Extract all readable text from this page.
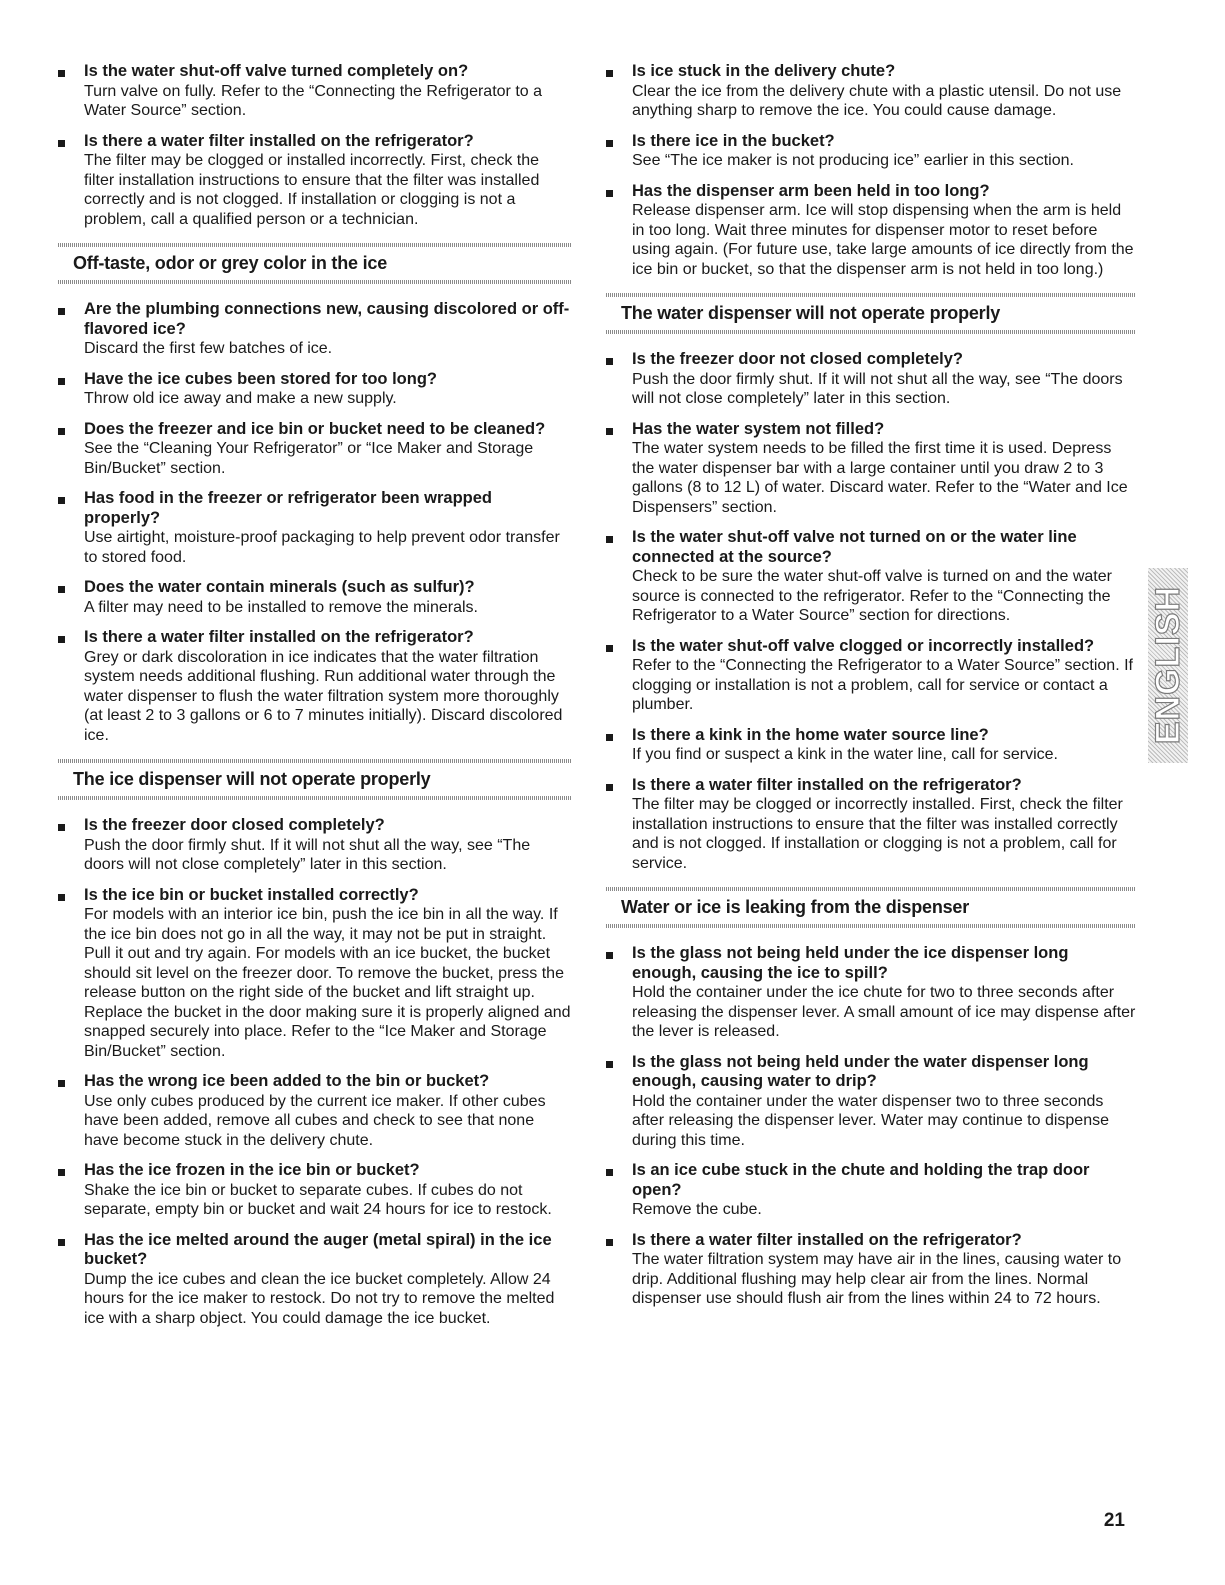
Is the water shut-off valve turned completely on?
Turn valve on fully. Refer to the “Connecting the Refrigerator to a Water Source” section.
Is there a water filter installed on the refrigerator?
The filter may be clogged or installed incorrectly. First, check the filter installation instructions to ensure that the filter was installed correctly and is not clogged. If installation or clogging is not a problem, call a qualified person or a technician.
Off-taste, odor or grey color in the ice
Are the plumbing connections new, causing discolored or off-flavored ice?
Discard the first few batches of ice.
Have the ice cubes been stored for too long?
Throw old ice away and make a new supply.
Does the freezer and ice bin or bucket need to be cleaned?
See the “Cleaning Your Refrigerator” or “Ice Maker and Storage Bin/Bucket” section.
Has food in the freezer or refrigerator been wrapped properly?
Use airtight, moisture-proof packaging to help prevent odor transfer to stored food.
Does the water contain minerals (such as sulfur)?
A filter may need to be installed to remove the minerals.
Is there a water filter installed on the refrigerator?
Grey or dark discoloration in ice indicates that the water filtration system needs additional flushing. Run additional water through the water dispenser to flush the water filtration system more thoroughly (at least 2 to 3 gallons or 6 to 7 minutes initially). Discard discolored ice.
The ice dispenser will not operate properly
Is the freezer door closed completely?
Push the door firmly shut. If it will not shut all the way, see “The doors will not close completely” later in this section.
Is the ice bin or bucket installed correctly?
For models with an interior ice bin, push the ice bin in all the way. If the ice bin does not go in all the way, it may not be put in straight. Pull it out and try again. For models with an ice bucket, the bucket should sit level on the freezer door. To remove the bucket, press the release button on the right side of the bucket and lift straight up. Replace the bucket in the door making sure it is properly aligned and snapped securely into place. Refer to the “Ice Maker and Storage Bin/Bucket” section.
Has the wrong ice been added to the bin or bucket?
Use only cubes produced by the current ice maker. If other cubes have been added, remove all cubes and check to see that none have become stuck in the delivery chute.
Has the ice frozen in the ice bin or bucket?
Shake the ice bin or bucket to separate cubes. If cubes do not separate, empty bin or bucket and wait 24 hours for ice to restock.
Has the ice melted around the auger (metal spiral) in the ice bucket?
Dump the ice cubes and clean the ice bucket completely. Allow 24 hours for the ice maker to restock. Do not try to remove the melted ice with a sharp object. You could damage the ice bucket.
Is ice stuck in the delivery chute?
Clear the ice from the delivery chute with a plastic utensil. Do not use anything sharp to remove the ice. You could cause damage.
Is there ice in the bucket?
See “The ice maker is not producing ice” earlier in this section.
Has the dispenser arm been held in too long?
Release dispenser arm. Ice will stop dispensing when the arm is held in too long. Wait three minutes for dispenser motor to reset before using again. (For future use, take large amounts of ice directly from the ice bin or bucket, so that the dispenser arm is not held in too long.)
The water dispenser will not operate properly
Is the freezer door not closed completely?
Push the door firmly shut. If it will not shut all the way, see “The doors will not close completely” later in this section.
Has the water system not filled?
The water system needs to be filled the first time it is used. Depress the water dispenser bar with a large container until you draw 2 to 3 gallons (8 to 12 L) of water. Discard water. Refer to the “Water and Ice Dispensers” section.
Is the water shut-off valve not turned on or the water line connected at the source?
Check to be sure the water shut-off valve is turned on and the water source is connected to the refrigerator. Refer to the “Connecting the Refrigerator to a Water Source” section for directions.
Is the water shut-off valve clogged or incorrectly installed?
Refer to the “Connecting the Refrigerator to a Water Source” section. If clogging or installation is not a problem, call for service or contact a plumber.
Is there a kink in the home water source line?
If you find or suspect a kink in the water line, call for service.
Is there a water filter installed on the refrigerator?
The filter may be clogged or incorrectly installed. First, check the filter installation instructions to ensure that the filter was installed correctly and is not clogged. If installation or clogging is not a problem, call for service.
Water or ice is leaking from the dispenser
Is the glass not being held under the ice dispenser long enough, causing the ice to spill?
Hold the container under the ice chute for two to three seconds after releasing the dispenser lever. A small amount of ice may dispense after the lever is released.
Is the glass not being held under the water dispenser long enough, causing water to drip?
Hold the container under the water dispenser two to three seconds after releasing the dispenser lever. Water may continue to dispense during this time.
Is an ice cube stuck in the chute and holding the trap door open?
Remove the cube.
Is there a water filter installed on the refrigerator?
The water filtration system may have air in the lines, causing water to drip. Additional flushing may help clear air from the lines. Normal dispenser use should flush air from the lines within 24 to 72 hours.
ENGLISH
21
